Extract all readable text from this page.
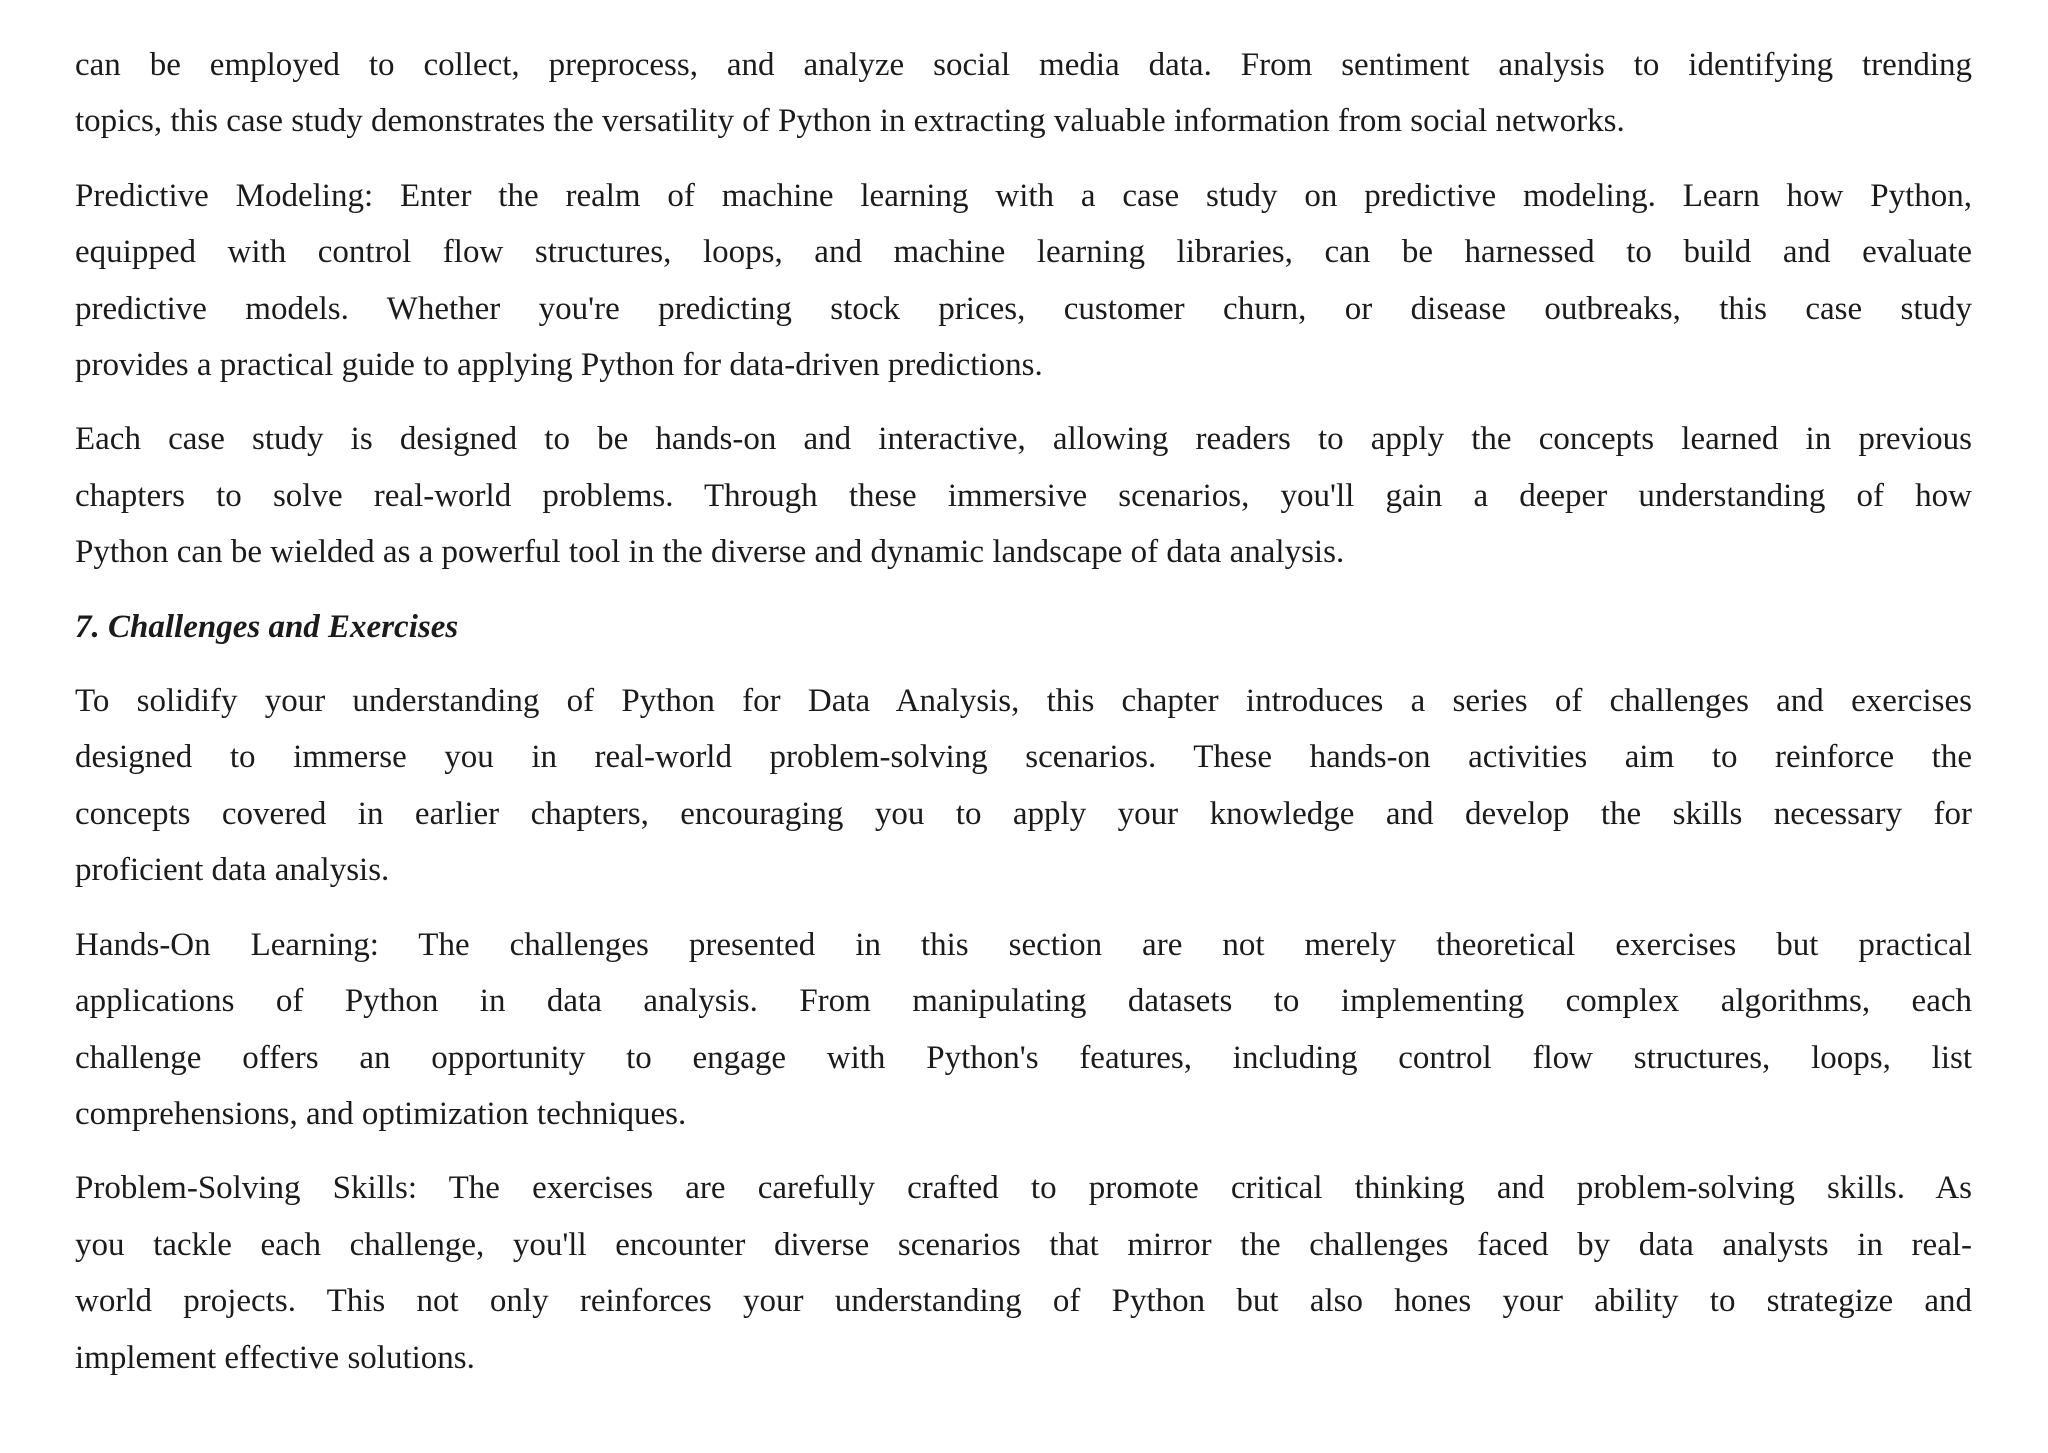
can be employed to collect, preprocess, and analyze social media data. From sentiment analysis to identifying trending
topics, this case study demonstrates the versatility of Python in extracting valuable information from social networks.
Predictive Modeling: Enter the realm of machine learning with a case study on predictive modeling. Learn how Python,
equipped with control flow structures, loops, and machine learning libraries, can be harnessed to build and evaluate
predictive models. Whether you're predicting stock prices, customer churn, or disease outbreaks, this case study
provides a practical guide to applying Python for data-driven predictions.
Each case study is designed to be hands-on and interactive, allowing readers to apply the concepts learned in previous
chapters to solve real-world problems. Through these immersive scenarios, you'll gain a deeper understanding of how
Python can be wielded as a powerful tool in the diverse and dynamic landscape of data analysis.
7. Challenges and Exercises
To solidify your understanding of Python for Data Analysis, this chapter introduces a series of challenges and exercises
designed to immerse you in real-world problem-solving scenarios. These hands-on activities aim to reinforce the
concepts covered in earlier chapters, encouraging you to apply your knowledge and develop the skills necessary for
proficient data analysis.
Hands-On Learning: The challenges presented in this section are not merely theoretical exercises but practical
applications of Python in data analysis. From manipulating datasets to implementing complex algorithms, each
challenge offers an opportunity to engage with Python's features, including control flow structures, loops, list
comprehensions, and optimization techniques.
Problem-Solving Skills: The exercises are carefully crafted to promote critical thinking and problem-solving skills. As
you tackle each challenge, you'll encounter diverse scenarios that mirror the challenges faced by data analysts in real-
world projects. This not only reinforces your understanding of Python but also hones your ability to strategize and
implement effective solutions.
